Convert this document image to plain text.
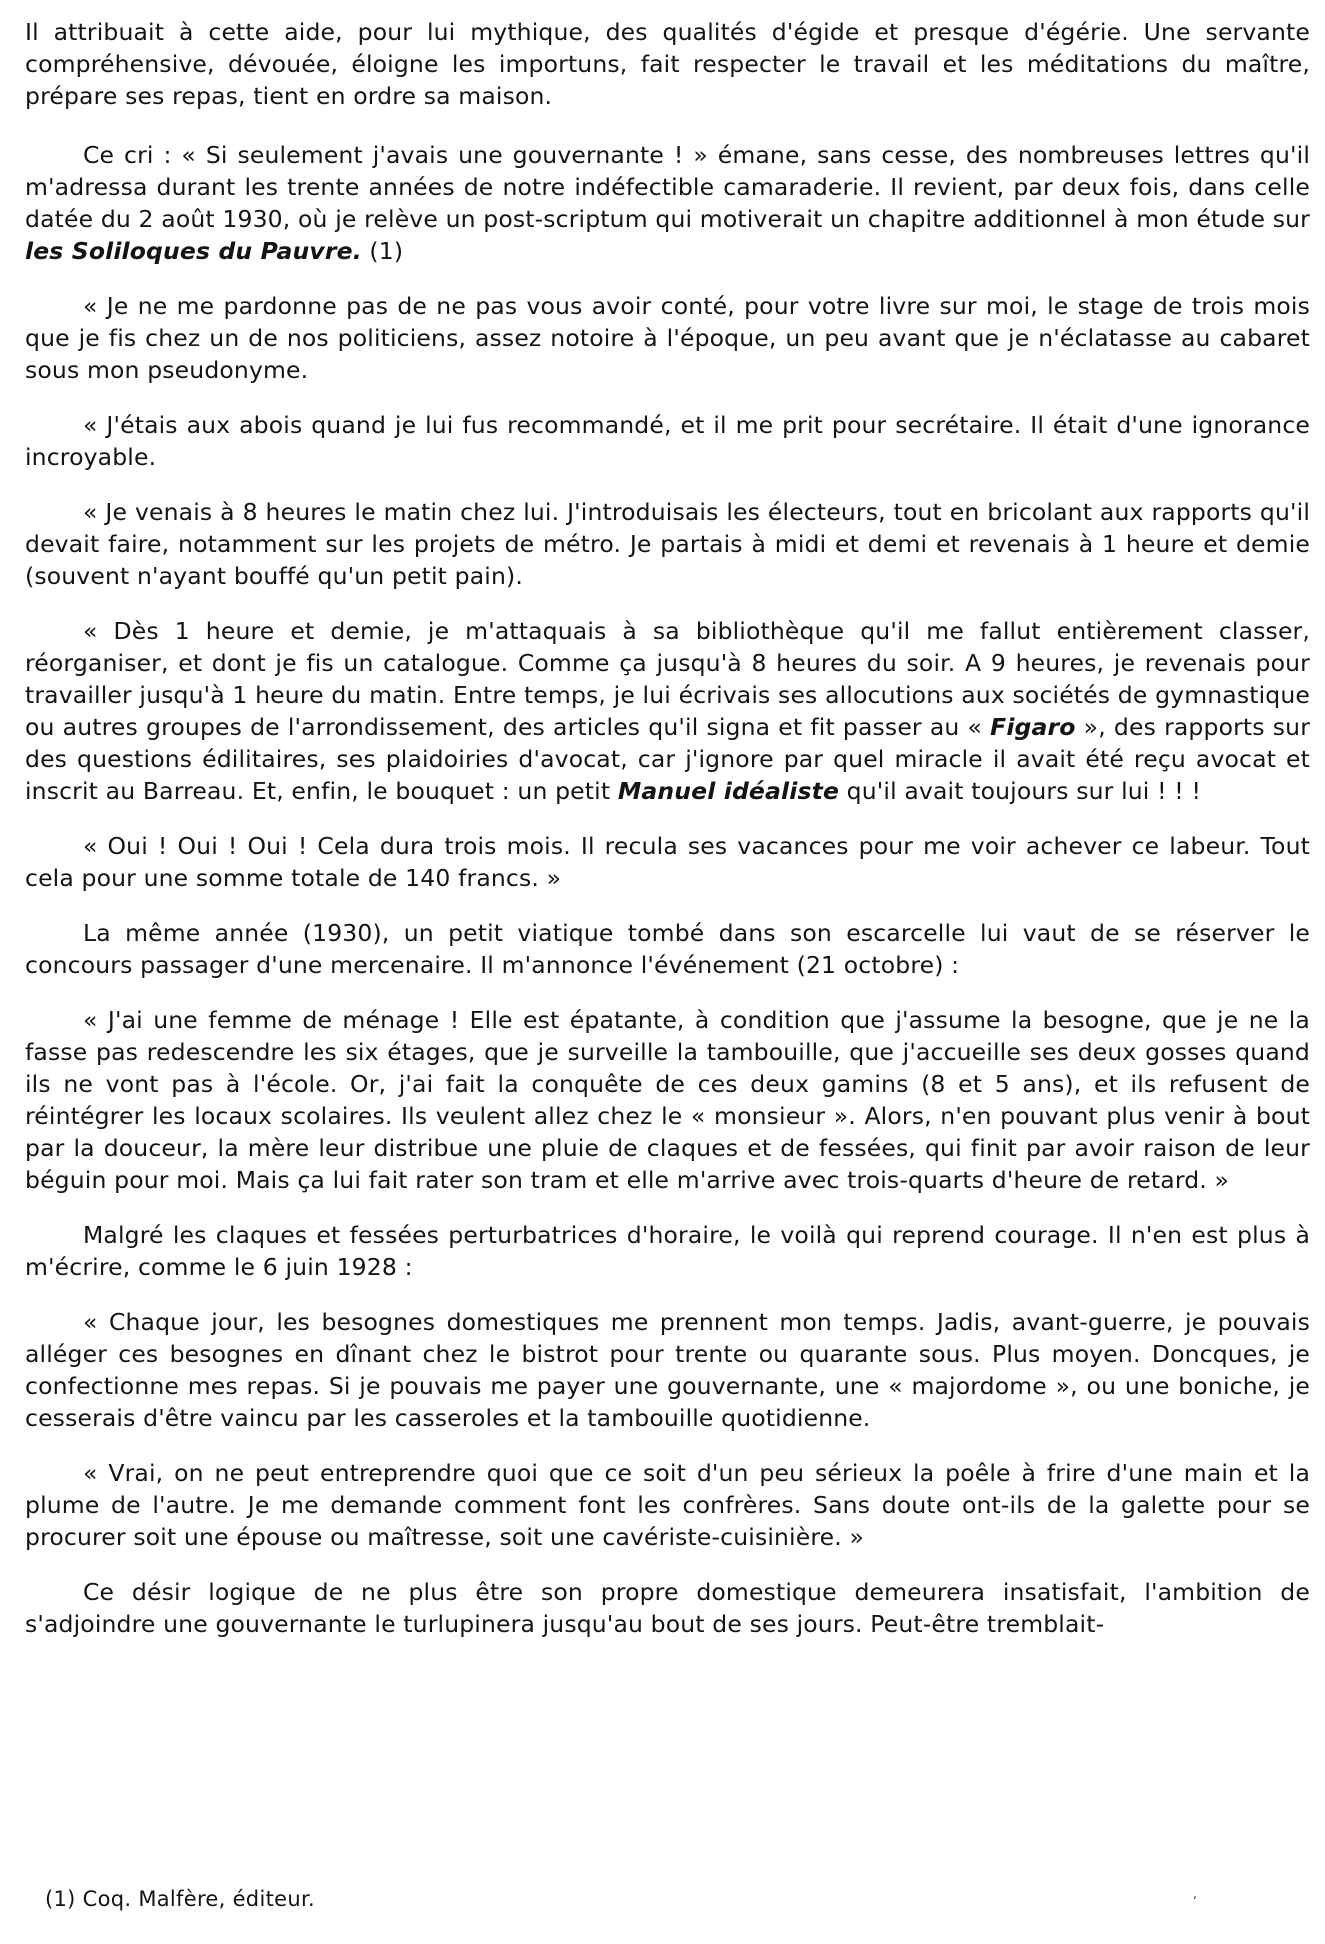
Il attribuait à cette aide, pour lui mythique, des qualités d'égide et presque d'égérie. Une servante compréhensive, dévouée, éloigne les importuns, fait respecter le travail et les méditations du maître, prépare ses repas, tient en ordre sa maison.

Ce cri : « Si seulement j'avais une gouvernante ! » émane, sans cesse, des nombreuses lettres qu'il m'adressa durant les trente années de notre indéfectible camaraderie. Il revient, par deux fois, dans celle datée du 2 août 1930, où je relève un post-scriptum qui motiverait un chapitre additionnel à mon étude sur les Soliloques du Pauvre. (1)

« Je ne me pardonne pas de ne pas vous avoir conté, pour votre livre sur moi, le stage de trois mois que je fis chez un de nos politiciens, assez notoire à l'époque, un peu avant que je n'éclatasse au cabaret sous mon pseudonyme.

« J'étais aux abois quand je lui fus recommandé, et il me prit pour secrétaire. Il était d'une ignorance incroyable.

« Je venais à 8 heures le matin chez lui. J'introduisais les électeurs, tout en bricolant aux rapports qu'il devait faire, notamment sur les projets de métro. Je partais à midi et demi et revenais à 1 heure et demie (souvent n'ayant bouffé qu'un petit pain).

« Dès 1 heure et demie, je m'attaquais à sa bibliothèque qu'il me fallut entièrement classer, réorganiser, et dont je fis un catalogue. Comme ça jusqu'à 8 heures du soir. A 9 heures, je revenais pour travailler jusqu'à 1 heure du matin. Entre temps, je lui écrivais ses allocutions aux sociétés de gymnastique ou autres groupes de l'arrondissement, des articles qu'il signa et fit passer au « Figaro », des rapports sur des questions édilitaires, ses plaidoiries d'avocat, car j'ignore par quel miracle il avait été reçu avocat et inscrit au Barreau. Et, enfin, le bouquet : un petit Manuel idéaliste qu'il avait toujours sur lui ! ! !

« Oui ! Oui ! Oui ! Cela dura trois mois. Il recula ses vacances pour me voir achever ce labeur. Tout cela pour une somme totale de 140 francs. »

La même année (1930), un petit viatique tombé dans son escarcelle lui vaut de se réserver le concours passager d'une mercenaire. Il m'annonce l'événement (21 octobre) :

« J'ai une femme de ménage ! Elle est épatante, à condition que j'assume la besogne, que je ne la fasse pas redescendre les six étages, que je surveille la tambouille, que j'accueille ses deux gosses quand ils ne vont pas à l'école. Or, j'ai fait la conquête de ces deux gamins (8 et 5 ans), et ils refusent de réintégrer les locaux scolaires. Ils veulent allez chez le « monsieur ». Alors, n'en pouvant plus venir à bout par la douceur, la mère leur distribue une pluie de claques et de fessées, qui finit par avoir raison de leur béguin pour moi. Mais ça lui fait rater son tram et elle m'arrive avec trois-quarts d'heure de retard. »

Malgré les claques et fessées perturbatrices d'horaire, le voilà qui reprend courage. Il n'en est plus à m'écrire, comme le 6 juin 1928 :

« Chaque jour, les besognes domestiques me prennent mon temps. Jadis, avant-guerre, je pouvais alléger ces besognes en dînant chez le bistrot pour trente ou quarante sous. Plus moyen. Doncques, je confectionne mes repas. Si je pouvais me payer une gouvernante, une « majordome », ou une boniche, je cesserais d'être vaincu par les casseroles et la tambouille quotidienne.

« Vrai, on ne peut entreprendre quoi que ce soit d'un peu sérieux la poêle à frire d'une main et la plume de l'autre. Je me demande comment font les confrères. Sans doute ont-ils de la galette pour se procurer soit une épouse ou maîtresse, soit une cavériste-cuisinière. »

Ce désir logique de ne plus être son propre domestique demeurera insatisfait, l'ambition de s'adjoindre une gouvernante le turlupinera jusqu'au bout de ses jours. Peut-être tremblait-

(1) Coq. Malfère, éditeur.	‘
